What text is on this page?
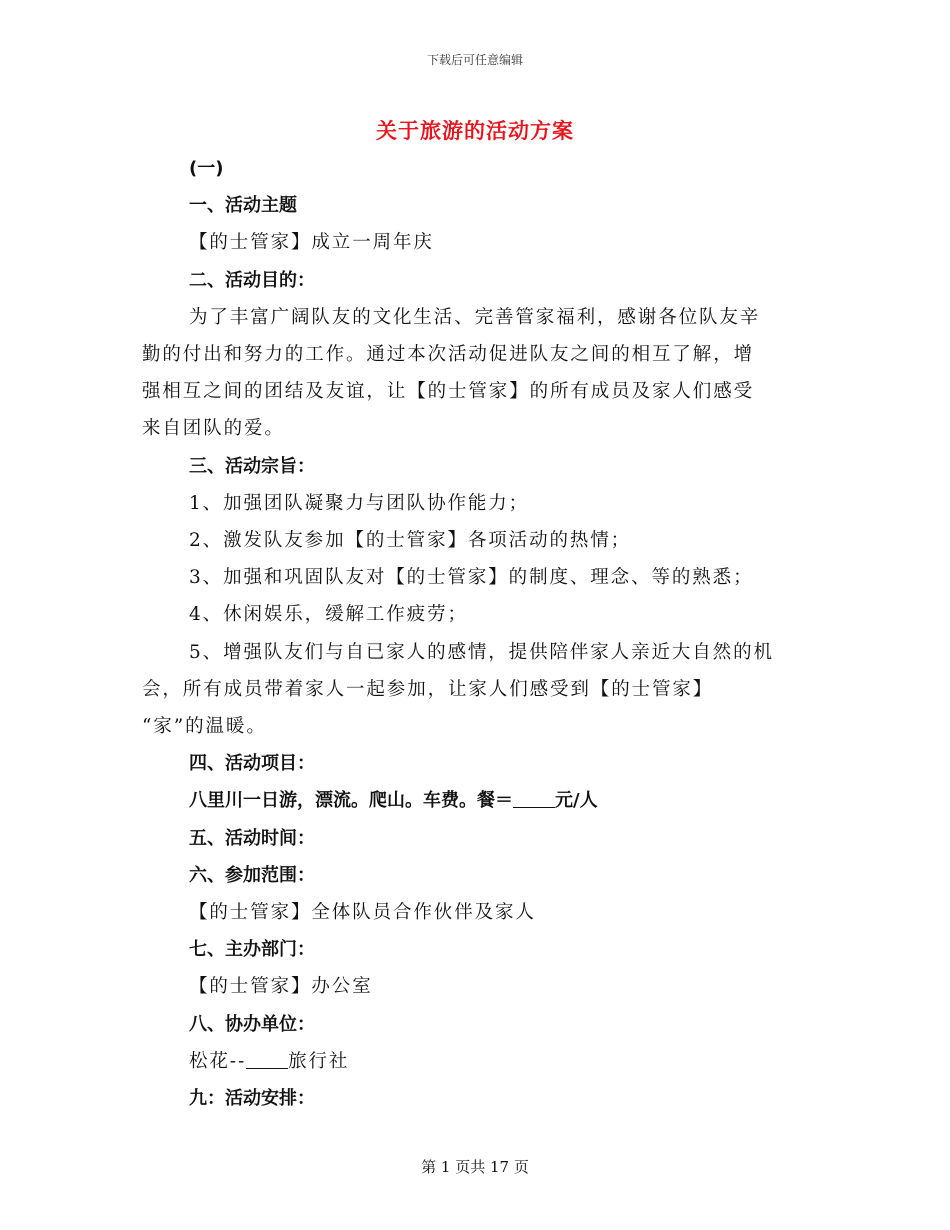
下载后可任意编辑
关于旅游的活动方案
(一)
一、活动主题
【的士管家】成立一周年庆
二、活动目的：
为了丰富广阔队友的文化生活、完善管家福利，感谢各位队友辛
勤的付出和努力的工作。通过本次活动促进队友之间的相互了解，增
强相互之间的团结及友谊，让【的士管家】的所有成员及家人们感受
来自团队的爱。
三、活动宗旨：
1、加强团队凝聚力与团队协作能力；
2、激发队友参加【的士管家】各项活动的热情；
3、加强和巩固队友对【的士管家】的制度、理念、等的熟悉；
4、休闲娱乐，缓解工作疲劳；
5、增强队友们与自已家人的感情，提供陪伴家人亲近大自然的机
会，所有成员带着家人一起参加，让家人们感受到【的士管家】
“家”的温暖。
四、活动项目：
八里川一日游，漂流。爬山。车费。餐＝ 元/人
五、活动时间：
六、参加范围：
【的士管家】全体队员合作伙伴及家人
七、主办部门：
【的士管家】办公室
八、协办单位：
松花-- 旅行社
九：活动安排：
第 1 页共 17 页
